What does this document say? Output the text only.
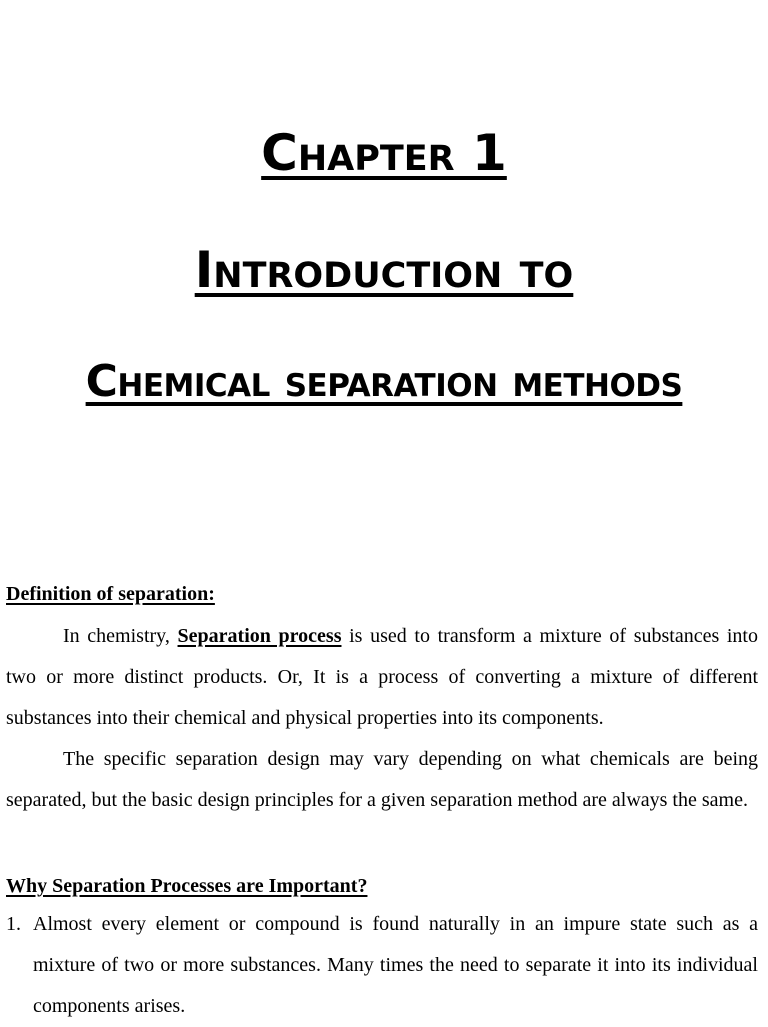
Chapter 1
Introduction to
Chemical separation methods
Definition of separation:

In chemistry, Separation process is used to transform a mixture of substances into two or more distinct products. Or, It is a process of converting a mixture of different substances into their chemical and physical properties into its components.

The specific separation design may vary depending on what chemicals are being separated, but the basic design principles for a given separation method are always the same.

Why Separation Processes are Important?
1. Almost every element or compound is found naturally in an impure state such as a mixture of two or more substances. Many times the need to separate it into its individual components arises.
